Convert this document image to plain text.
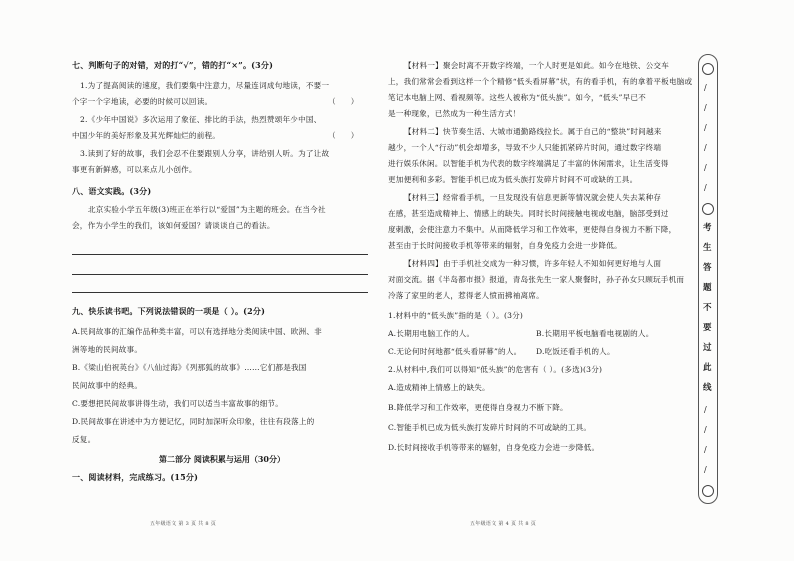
七、判断句子的对错，对的打“√”，错的打“×”。(3分)
1.为了提高阅读的速度，我们要集中注意力，尽量连词成句地读，不要一
个字一个字地读，必要的时候可以回读。	（　　）
2.《少年中国说》多次运用了象征、排比的手法，热烈赞颂年少中国、
中国少年的美好形象及其光辉灿烂的前程。	（　　）
3.读到了好的故事，我们会忍不住要跟别人分享，讲给别人听。为了让故
事更有新鲜感，可以来点儿小创作。
八、语文实践。(3分)
北京实验小学五年级(3)班正在举行以“爱国”为主题的班会。在当今社
会，作为小学生的我们，该如何爱国？请谈谈自己的看法。
九、快乐读书吧。下列说法错误的一项是（ ）。(2分)
A.民间故事的汇编作品种类丰富，可以有选择地分类阅读中国、欧洲、非
洲等地的民间故事。
B.《梁山伯祝英台》《八仙过海》《列那狐的故事》……它们都是我国
民间故事中的经典。
C.要想把民间故事讲得生动，我们可以适当丰富故事的细节。
D.民间故事在讲述中为方便记忆，同时加深听众印象，往往有段落上的
反复。
第二部分 阅读积累与运用（30分）
一、阅读材料，完成练习。(15分)
五年级语文 第 3 页 共 8 页
【材料一】聚会时离不开数字终端，一个人时更是如此。如今在地铁、公交车
上，我们常常会看到这样一个个精修“低头看屏幕”状，有的看手机，有的拿着平板电脑或
笔记本电脑上网、看视频等。这些人被称为“低头族”。如今，“低头”早已不
是一种现象，已然成为一种生活方式！
【材料二】快节奏生活、大城市通勤路线拉长。属于自己的“整块”时间越来
越少，一个人“行动”机会却增多，导致不少人只能抓紧碎片时间，通过数字终端
进行娱乐休闲。以智能手机为代表的数字终端满足了丰富的休闲需求，让生活变得
更加便利和多彩。智能手机已成为低头族打发碎片时间不可或缺的工具。
【材料三】经常看手机，一旦发现没有信息更新等情况就会使人失去某种存
在感，甚至造成精神上、情感上的缺失。同时长时间接触电视或电脑，脑部受到过
度刺激，会使注意力不集中。从而降低学习和工作效率，更使得自身视力不断下降，
甚至由于长时间接收手机等带来的辐射，自身免疫力会进一步降低。
【材料四】由于手机社交成为一种习惯，许多年轻人不知如何更好地与人面
对面交流。据《半岛都市报》报道，青岛张先生一家人聚餐时，孙子孙女只顾玩手机而
冷落了家里的老人，惹得老人愤而拂袖离席。
1.材料中的“低头族”指的是（ ）。(3分)
A.长期用电脑工作的人。	B.长期用平板电脑看电视剧的人。
C.无论何时何地都“低头看屏幕”的人。 D.吃饭还看手机的人。
2.从材料中,我们可以得知“低头族”的危害有（ ）。(多选)(3分)
A.造成精神上情感上的缺失。
B.降低学习和工作效率，更使得自身视力不断下降。
C.智能手机已成为低头族打发碎片时间的不可或缺的工具。
D.长时间接收手机等带来的辐射，自身免疫力会进一步降低。
五年级语文 第 4 页 共 8 页
/
/
/
/
/
/
考
生
答
题
不
要
过
此
线
/
/
/
/
